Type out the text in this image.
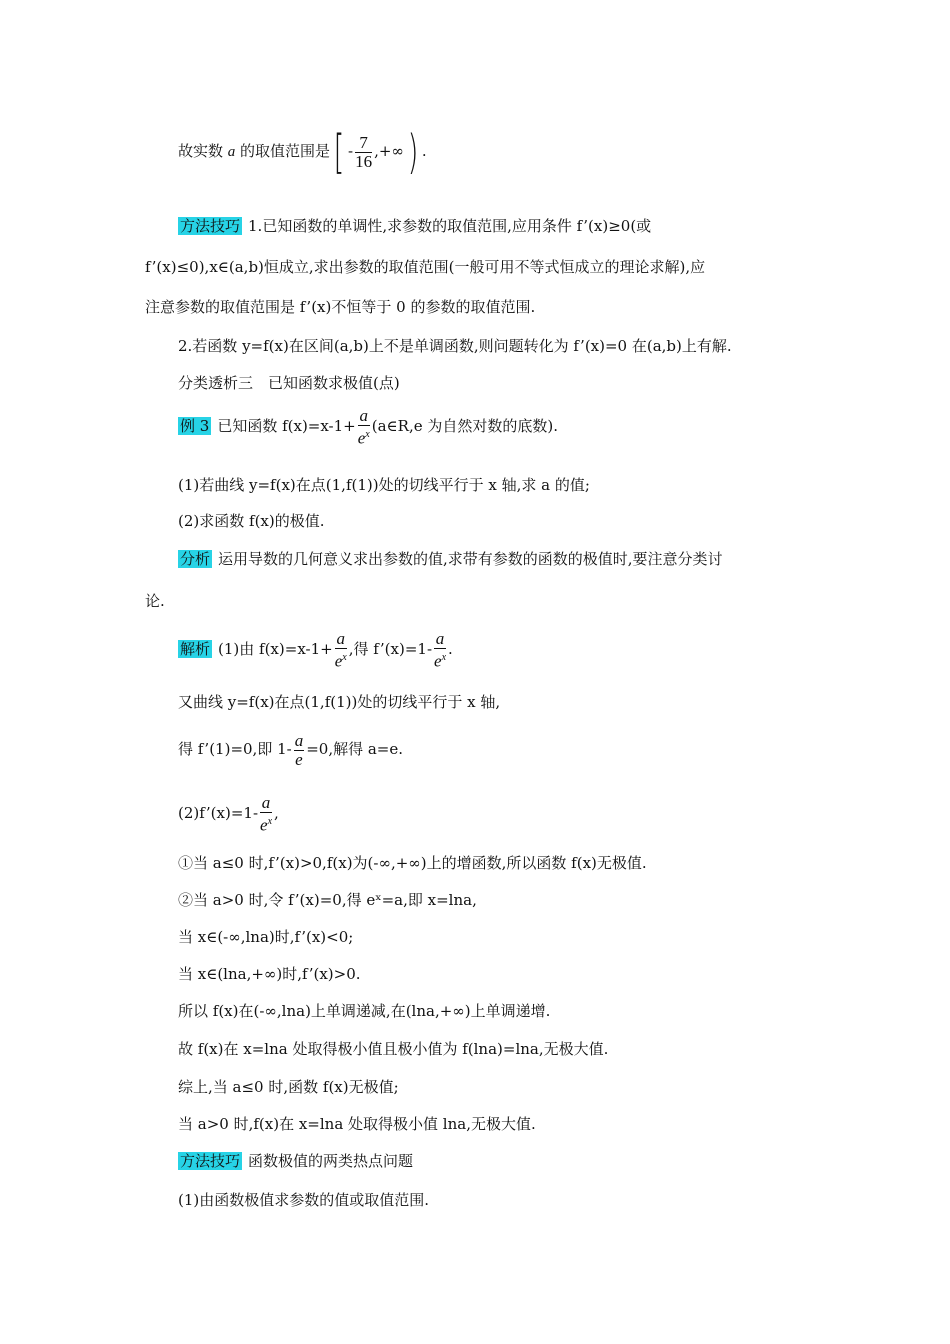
故实数 a 的取值范围是[ - $\frac{7}{16}$ ,+∞) .
方法技巧 1.已知函数的单调性,求参数的取值范围,应用条件 f’(x)≥0(或
f’(x)≤0),x∈(a,b)恒成立,求出参数的取值范围(一般可用不等式恒成立的理论求解),应
注意参数的取值范围是 f’(x)不恒等于 0 的参数的取值范围.
2.若函数 y=f(x)在区间(a,b)上不是单调函数,则问题转化为 f’(x)=0 在(a,b)上有解.
分类透析三　已知函数求极值(点)
例 3 已知函数 $f(x)=x-1+ \frac{a}{e^x}$ (a∈R,e 为自然对数的底数).
(1)若曲线 y=f(x)在点(1,f(1))处的切线平行于 x 轴,求 a 的值;
(2)求函数 f(x)的极值.
分析 运用导数的几何意义求出参数的值,求带有参数的函数的极值时,要注意分类讨
论.
解析 (1)由 $f(x)=x-1+ \frac{a}{e^x}$ ,得 f’(x)=1- $\frac{a}{e^x}$ .
又曲线 y=f(x)在点(1,f(1))处的切线平行于 x 轴,
得 f’(1)=0,即 $1- \frac{a}{e} =0$,解得 a=e.
(2)f’(x)=1- $\frac{a}{e^x}$ ,
①当 a≤0 时,f’(x)>0,f(x)为(-∞,+∞)上的增函数,所以函数 f(x)无极值.
②当 a>0 时,令 f’(x)=0,得 eˣ=a,即 x=lna,
当 x∈(-∞,lna)时,f’(x)<0;
当 x∈(lna,+∞)时,f’(x)>0.
所以 f(x)在(-∞,lna)上单调递减,在(lna,+∞)上单调递增.
故 f(x)在 x=lna 处取得极小值且极小值为 f(lna)=lna,无极大值.
综上,当 a≤0 时,函数 f(x)无极值;
当 a>0 时,f(x)在 x=lna 处取得极小值 lna,无极大值.
方法技巧 函数极值的两类热点问题
(1)由函数极值求参数的值或取值范围.
